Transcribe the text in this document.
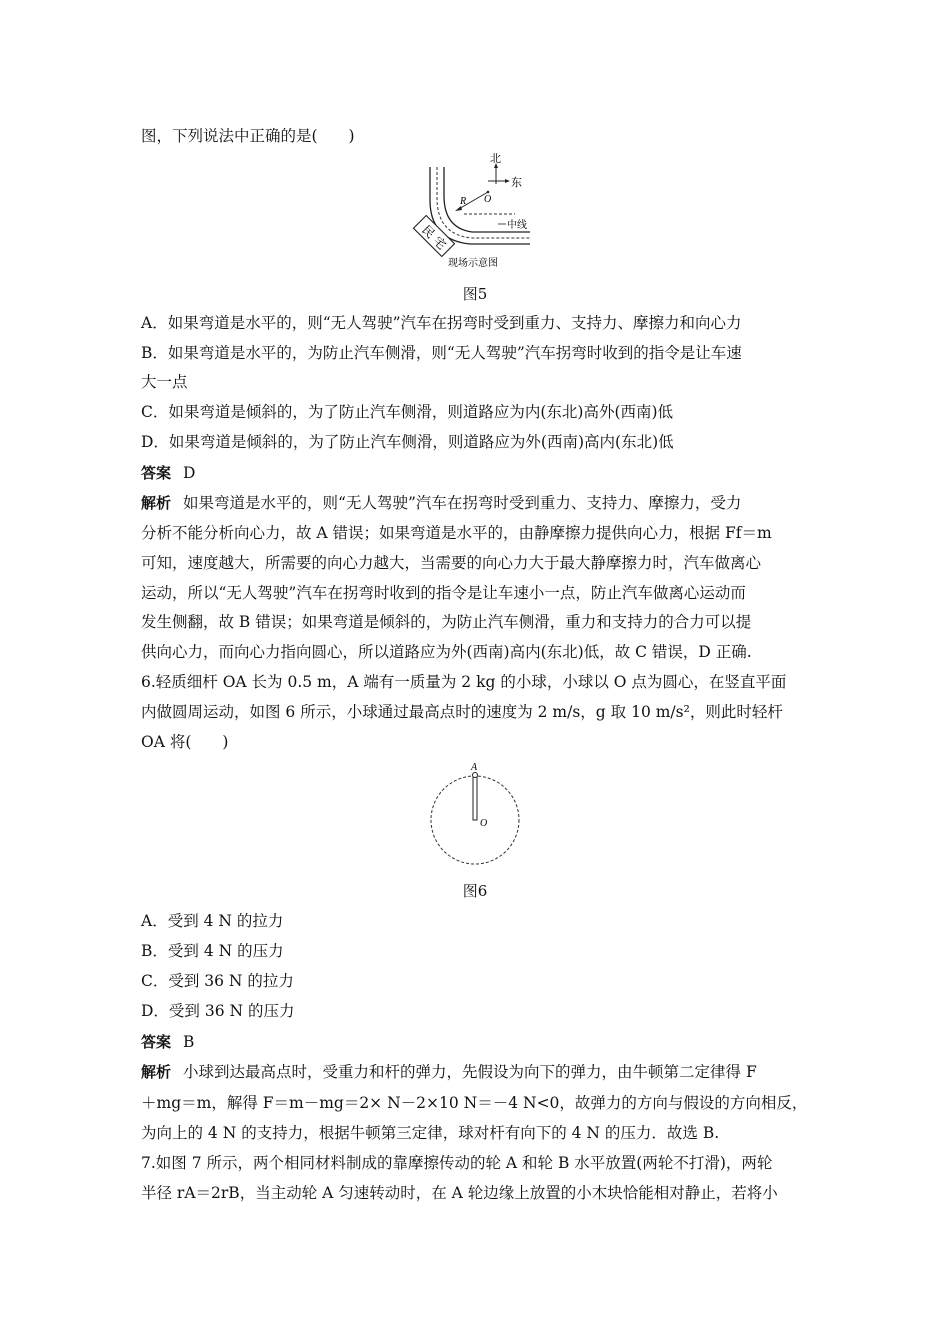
图，下列说法中正确的是(　　)
O
R
北
东
中线
民宅
现场示意图
图5
A．如果弯道是水平的，则“无人驾驶”汽车在拐弯时受到重力、支持力、摩擦力和向心力
B．如果弯道是水平的，为防止汽车侧滑，则“无人驾驶”汽车拐弯时收到的指令是让车速
大一点
C．如果弯道是倾斜的，为了防止汽车侧滑，则道路应为内(东北)高外(西南)低
D．如果弯道是倾斜的，为了防止汽车侧滑，则道路应为外(西南)高内(东北)低
答案 D
解析 如果弯道是水平的，则“无人驾驶”汽车在拐弯时受到重力、支持力、摩擦力，受力
分析不能分析向心力，故 A 错误；如果弯道是水平的，由静摩擦力提供向心力，根据 Ff＝m
可知，速度越大，所需要的向心力越大，当需要的向心力大于最大静摩擦力时，汽车做离心
运动，所以“无人驾驶”汽车在拐弯时收到的指令是让车速小一点，防止汽车做离心运动而
发生侧翻，故 B 错误；如果弯道是倾斜的，为防止汽车侧滑，重力和支持力的合力可以提
供向心力，而向心力指向圆心，所以道路应为外(西南)高内(东北)低，故 C 错误，D 正确.
6.轻质细杆 OA 长为 0.5 m，A 端有一质量为 2 kg 的小球，小球以 O 点为圆心，在竖直平面
内做圆周运动，如图 6 所示，小球通过最高点时的速度为 2 m/s，g 取 10 m/s²，则此时轻杆
OA 将(　　)
A
O
图6
A．受到 4 N 的拉力
B．受到 4 N 的压力
C．受到 36 N 的拉力
D．受到 36 N 的压力
答案 B
解析 小球到达最高点时，受重力和杆的弹力，先假设为向下的弹力，由牛顿第二定律得 F
＋mg＝m，解得 F＝m－mg＝2× N－2×10 N＝－4 N<0，故弹力的方向与假设的方向相反，
为向上的 4 N 的支持力，根据牛顿第三定律，球对杆有向下的 4 N 的压力．故选 B.
7.如图 7 所示，两个相同材料制成的靠摩擦传动的轮 A 和轮 B 水平放置(两轮不打滑)，两轮
半径 rA＝2rB，当主动轮 A 匀速转动时，在 A 轮边缘上放置的小木块恰能相对静止，若将小
